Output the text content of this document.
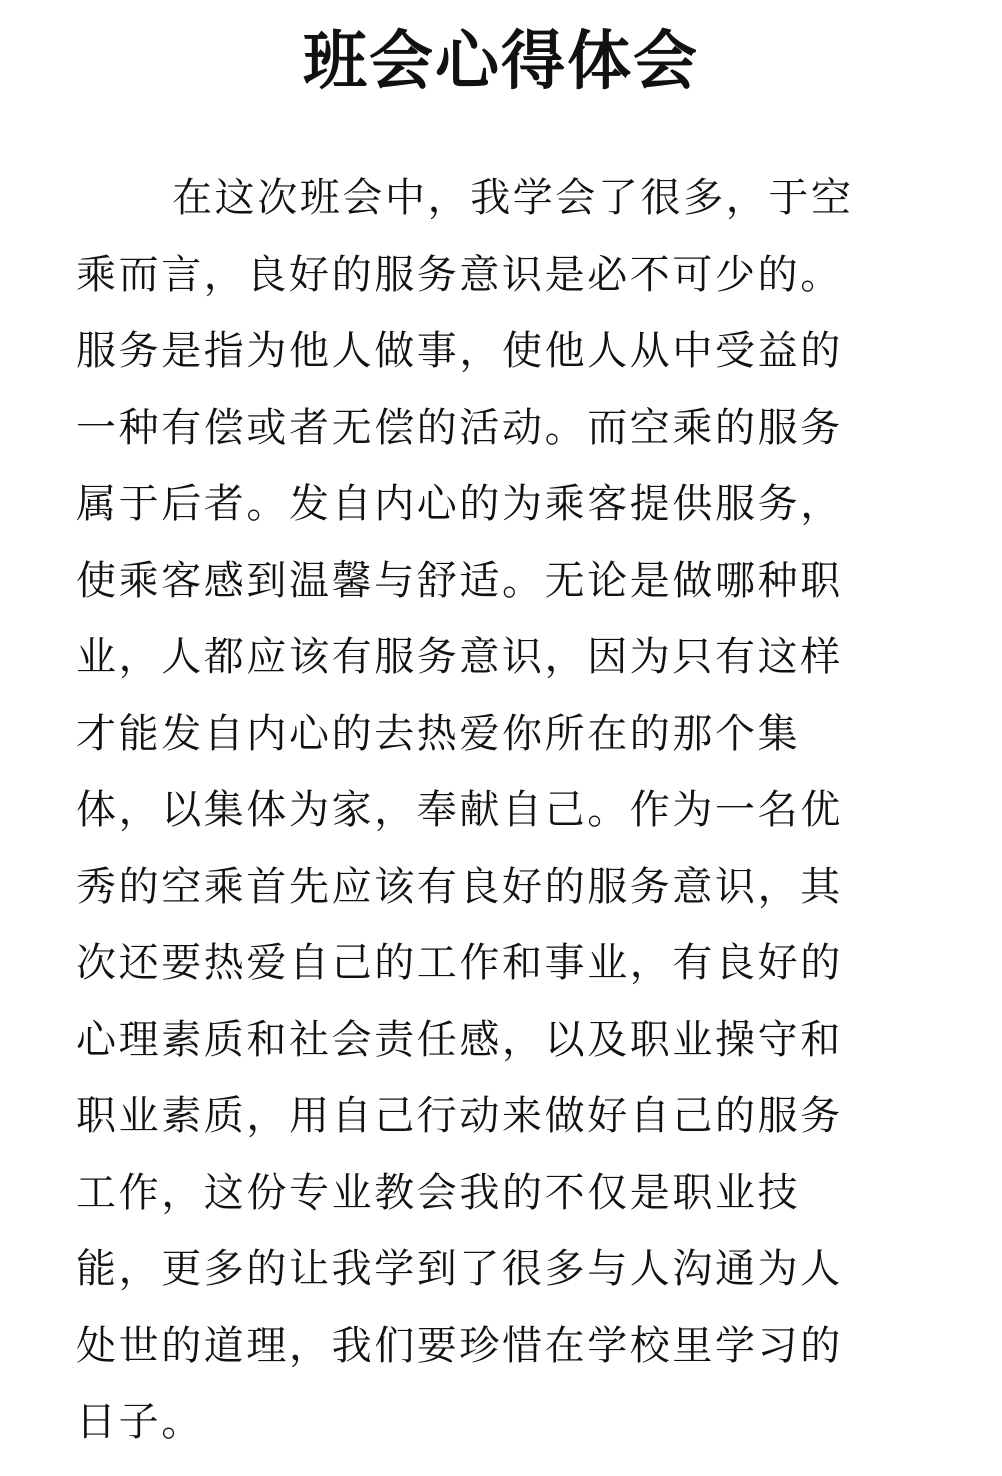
班会心得体会
在这次班会中，我学会了很多，于空
乘而言，良好的服务意识是必不可少的。
服务是指为他人做事，使他人从中受益的
一种有偿或者无偿的活动。而空乘的服务
属于后者。发自内心的为乘客提供服务，
使乘客感到温馨与舒适。无论是做哪种职
业，人都应该有服务意识，因为只有这样
才能发自内心的去热爱你所在的那个集
体，以集体为家，奉献自己。作为一名优
秀的空乘首先应该有良好的服务意识，其
次还要热爱自己的工作和事业，有良好的
心理素质和社会责任感，以及职业操守和
职业素质，用自己行动来做好自己的服务
工作，这份专业教会我的不仅是职业技
能，更多的让我学到了很多与人沟通为人
处世的道理，我们要珍惜在学校里学习的
日子。
